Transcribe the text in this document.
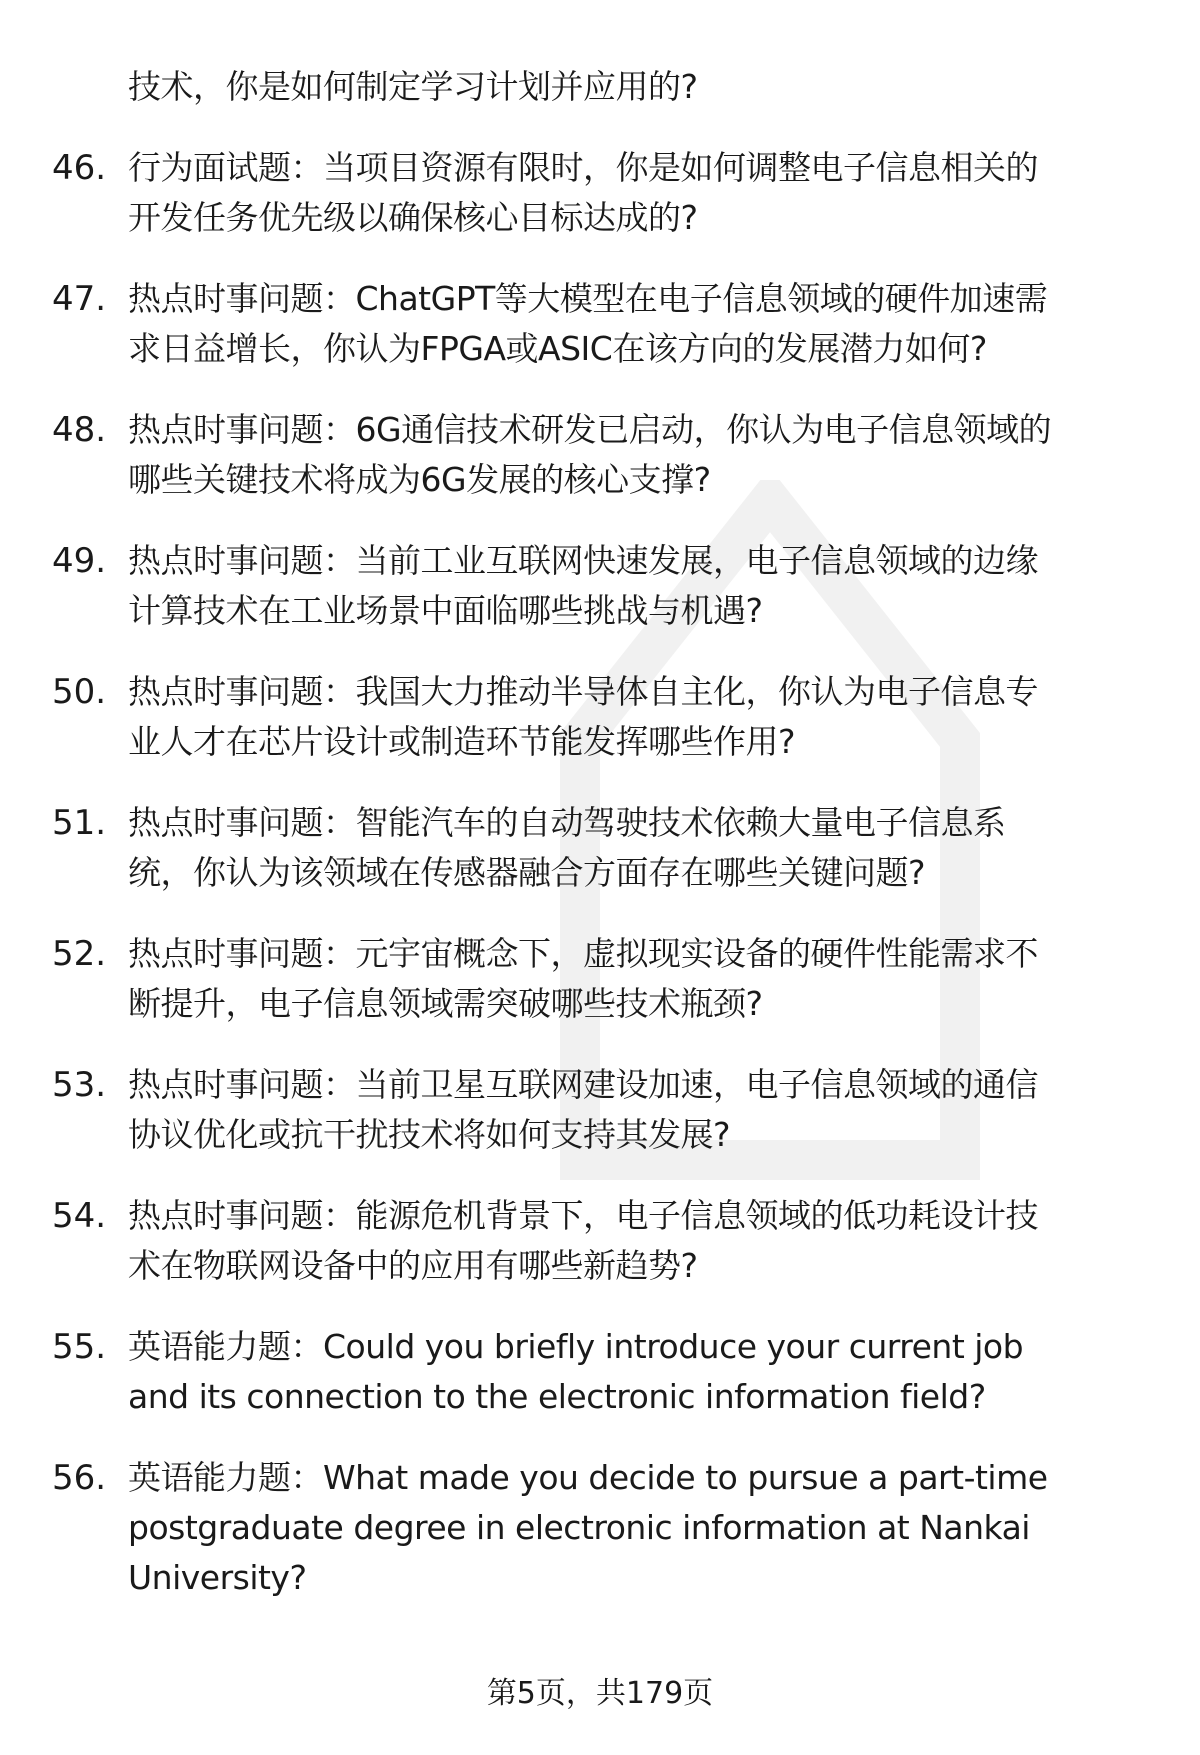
技术，你是如何制定学习计划并应用的?
46. 行为面试题：当项目资源有限时，你是如何调整电子信息相关的
开发任务优先级以确保核心目标达成的?
47. 热点时事问题：ChatGPT等大模型在电子信息领域的硬件加速需
求日益增长，你认为FPGA或ASIC在该方向的发展潜力如何?
48. 热点时事问题：6G通信技术研发已启动，你认为电子信息领域的
哪些关键技术将成为6G发展的核心支撑?
49. 热点时事问题：当前工业互联网快速发展，电子信息领域的边缘
计算技术在工业场景中面临哪些挑战与机遇?
50. 热点时事问题：我国大力推动半导体自主化，你认为电子信息专
业人才在芯片设计或制造环节能发挥哪些作用?
51. 热点时事问题：智能汽车的自动驾驶技术依赖大量电子信息系
统，你认为该领域在传感器融合方面存在哪些关键问题?
52. 热点时事问题：元宇宙概念下，虚拟现实设备的硬件性能需求不
断提升，电子信息领域需突破哪些技术瓶颈?
53. 热点时事问题：当前卫星互联网建设加速，电子信息领域的通信
协议优化或抗干扰技术将如何支持其发展?
54. 热点时事问题：能源危机背景下，电子信息领域的低功耗设计技
术在物联网设备中的应用有哪些新趋势?
55. 英语能力题：Could you briefly introduce your current job
and its connection to the electronic information field?
56. 英语能力题：What made you decide to pursue a part-time
postgraduate degree in electronic information at Nankai
University?
第5页，共179页
